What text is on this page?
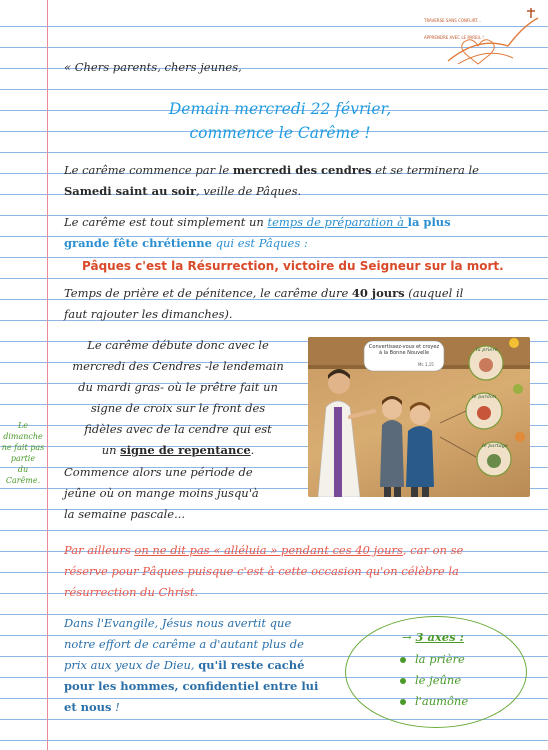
TRAVERSE SANS CONFLIRT...
APPRENDRE AVEC LE PAREIL !
« Chers parents, chers jeunes,
Demain mercredi 22 février,
commence le Carême !
Le carême commence par le mercredi des cendres et se terminera le
Samedi saint au soir, veille de Pâques.
Le carême est tout simplement un temps de préparation à la plus
grande fête chrétienne qui est Pâques :
Pâques c'est la Résurrection, victoire du Seigneur sur la mort.
Temps de prière et de pénitence, le carême dure 40 jours (auquel il
faut rajouter les dimanches).
Le carême débute donc avec le
mercredi des Cendres -le lendemain
du mardi gras- où le prêtre fait un
signe de croix sur le front des
fidèles avec de la cendre qui est
un signe de repentance.
Le
dimanche
ne fait pas
partie
du Carême.
Commence alors une période de
jeûne où on mange moins jusqu'à
la semaine pascale...
Convertissez-vous et croyez à la Bonne Nouvelle
Mc 1,15
la prière
le pardon
le partage
Par ailleurs on ne dit pas « alléluia » pendant ces 40 jours, car on se
réserve pour Pâques puisque c'est à cette occasion qu'on célèbre la
résurrection du Christ.
Dans l'Evangile, Jésus nous avertit que
notre effort de carême a d'autant plus de
prix aux yeux de Dieu, qu'il reste caché
pour les hommes, confidentiel entre lui
et nous !
→ 3 axes :
la prière
le jeûne
l'aumône
